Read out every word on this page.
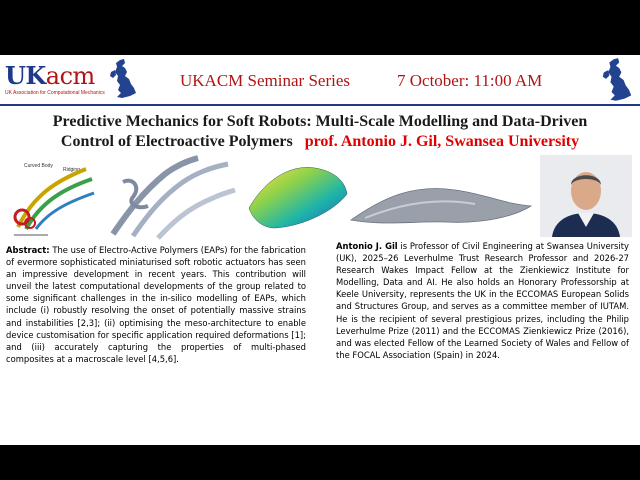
UKacm
UK Association for Computational Mechanics
UKACM Seminar Series	7 October: 11:00 AM
Predictive Mechanics for Soft Robots: Multi-Scale Modelling and Data-Driven
Control of Electroactive Polymers prof. Antonio J. Gil, Swansea University
Curved Body
Ridging

Abstract: The use of Electro-Active Polymers (EAPs) for the fabrication of evermore sophisticated miniaturised soft robotic actuators has seen an impressive development in recent years. This contribution will unveil the latest computational developments of the group related to some significant challenges in the in-silico modelling of EAPs, which include (i) robustly resolving the onset of potentially massive strains and instabilities [2,3]; (ii) optimising the meso-architecture to enable device customisation for specific application required deformations [1]; and (iii) accurately capturing the properties of multi-phased composites at a macroscale level [4,5,6].

Antonio J. Gil is Professor of Civil Engineering at Swansea University (UK), 2025–26 Leverhulme Trust Research Professor and 2026-27 Research Wakes Impact Fellow at the Zienkiewicz Institute for Modelling, Data and AI. He also holds an Honorary Professorship at Keele University, represents the UK in the ECCOMAS European Solids and Structures Group, and serves as a committee member of IUTAM. He is the recipient of several prestigious prizes, including the Philip Leverhulme Prize (2011) and the ECCOMAS Zienkiewicz Prize (2016), and was elected Fellow of the Learned Society of Wales and Fellow of the FOCAL Association (Spain) in 2024.
